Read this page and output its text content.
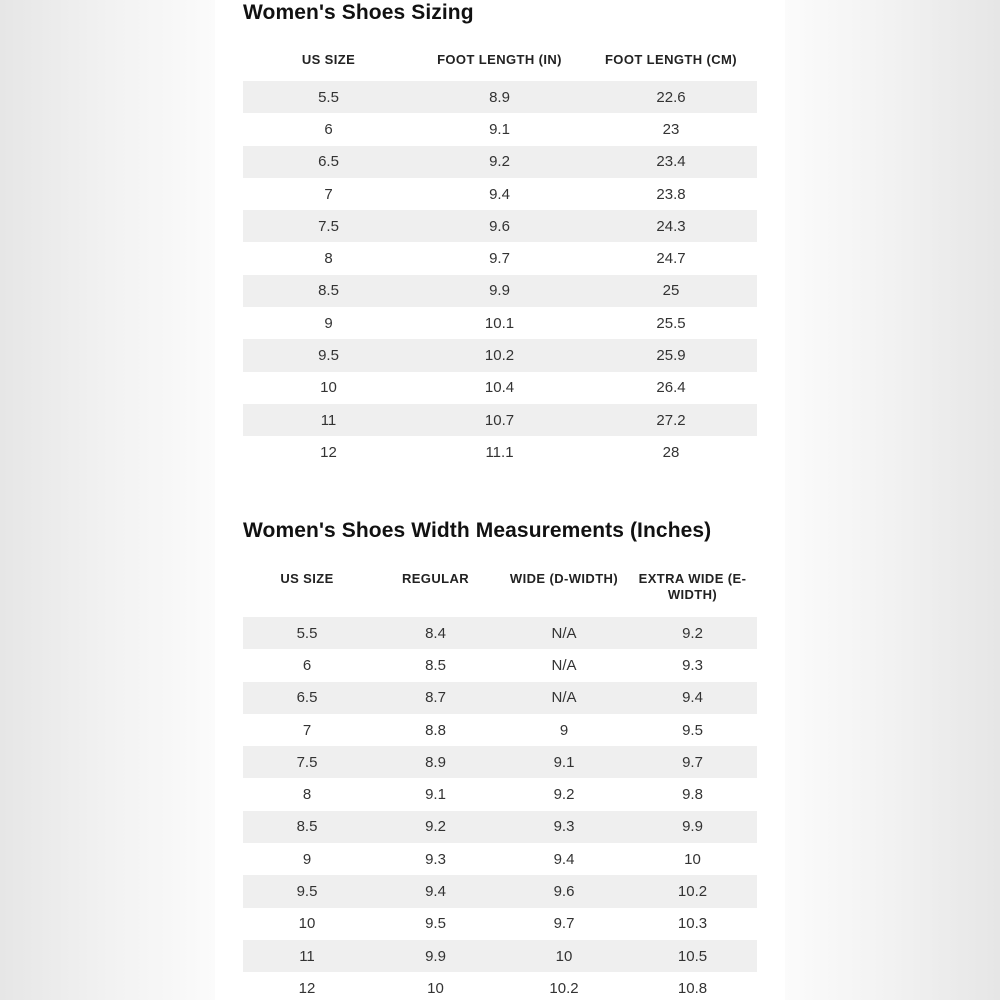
Women's Shoes Sizing
US SIZE	FOOT LENGTH (IN)	FOOT LENGTH (CM)
5.5	8.9	22.6
6	9.1	23
6.5	9.2	23.4
7	9.4	23.8
7.5	9.6	24.3
8	9.7	24.7
8.5	9.9	25
9	10.1	25.5
9.5	10.2	25.9
10	10.4	26.4
11	10.7	27.2
12	11.1	28
Women's Shoes Width Measurements (Inches)
US SIZE	REGULAR	WIDE (D-WIDTH)	EXTRA WIDE (E-WIDTH)
5.5	8.4	N/A	9.2
6	8.5	N/A	9.3
6.5	8.7	N/A	9.4
7	8.8	9	9.5
7.5	8.9	9.1	9.7
8	9.1	9.2	9.8
8.5	9.2	9.3	9.9
9	9.3	9.4	10
9.5	9.4	9.6	10.2
10	9.5	9.7	10.3
11	9.9	10	10.5
12	10	10.2	10.8
